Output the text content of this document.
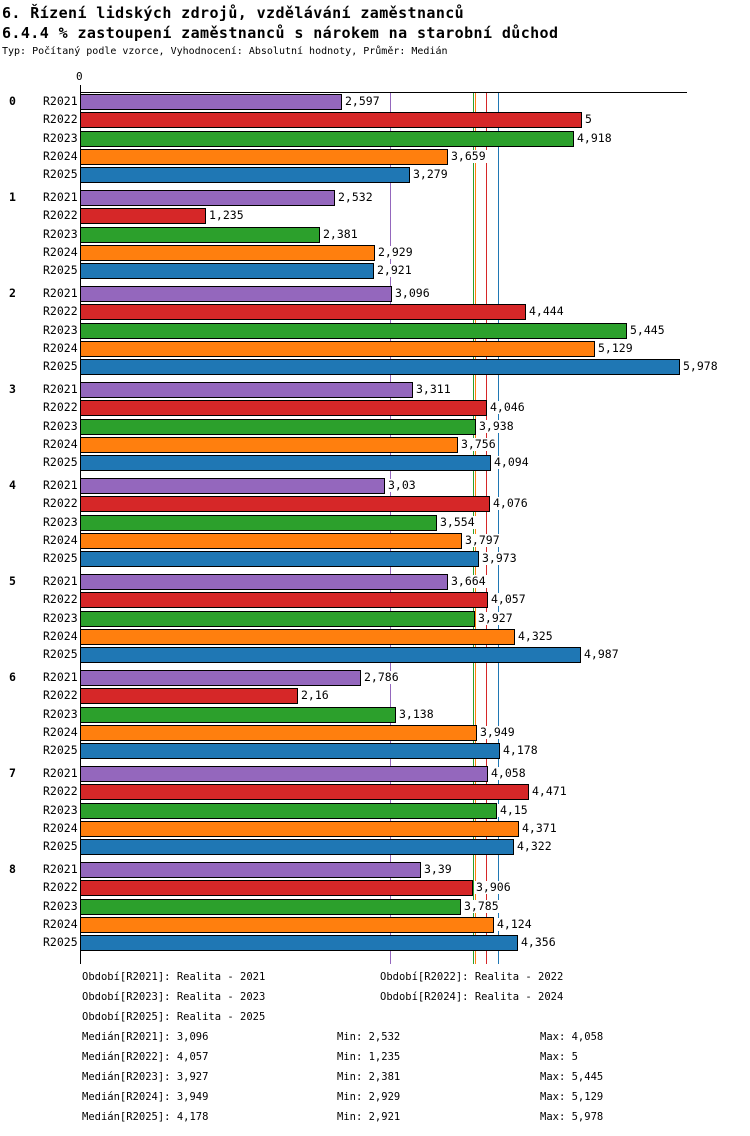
6. Řízení lidských zdrojů, vzdělávání zaměstnanců
6.4.4 % zastoupení zaměstnanců s nárokem na starobní důchod
Typ: Počítaný podle vzorce, Vyhodnocení: Absolutní hodnoty, Průměr: Medián
0
0 R2021	2,597
R2022	5
R2023	4,918
R2024	3,659
R2025	3,279
1 R2021	2,532
R2022	1,235
R2023	2,381
R2024	2,929
R2025	2,921
2 R2021	3,096
R2022	4,444
R2023	5,445
R2024	5,129
R2025	5,978
3 R2021	3,311
R2022	4,046
R2023	3,938
R2024	3,756
R2025	4,094
4 R2021	3,03
R2022	4,076
R2023	3,554
R2024	3,797
R2025	3,973
5 R2021	3,664
R2022	4,057
R2023	3,927
R2024	4,325
R2025	4,987
6 R2021	2,786
R2022	2,16
R2023	3,138
R2024	3,949
R2025	4,178
7 R2021	4,058
R2022	4,471
R2023	4,15
R2024	4,371
R2025	4,322
8 R2021	3,39
R2022	3,906
R2023	3,785
R2024	4,124
R2025	4,356
Období[R2021]: Realita - 2021	Období[R2022]: Realita - 2022
Období[R2023]: Realita - 2023	Období[R2024]: Realita - 2024
Období[R2025]: Realita - 2025
Medián[R2021]: 3,096	Min: 2,532	Max: 4,058
Medián[R2022]: 4,057	Min: 1,235	Max: 5
Medián[R2023]: 3,927	Min: 2,381	Max: 5,445
Medián[R2024]: 3,949	Min: 2,929	Max: 5,129
Medián[R2025]: 4,178	Min: 2,921	Max: 5,978
